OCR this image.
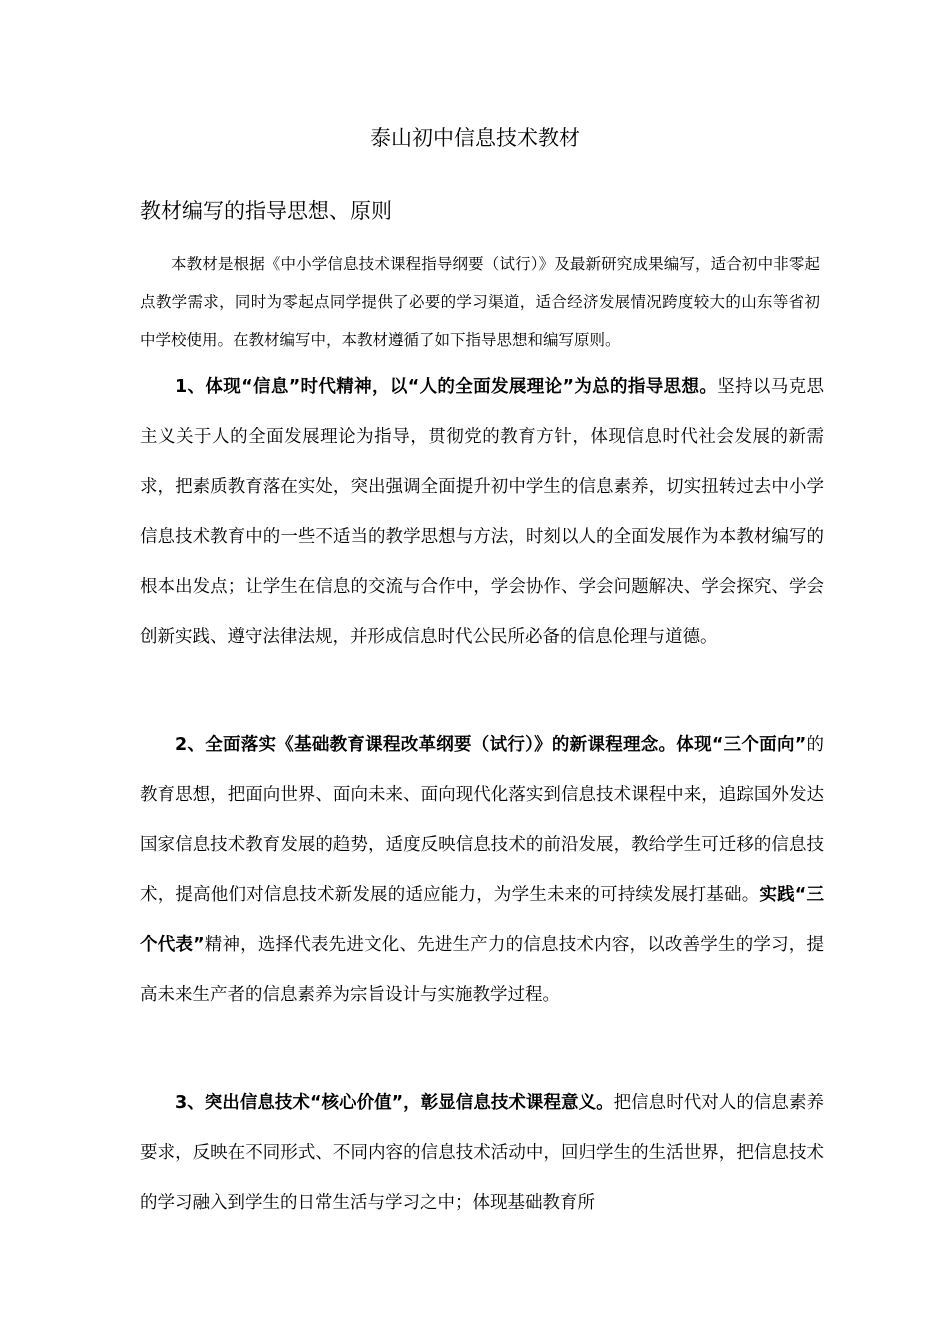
泰山初中信息技术教材
教材编写的指导思想、原则

本教材是根据《中小学信息技术课程指导纲要（试行）》及最新研究成果编写，适合初中非零起点教学需求，同时为零起点同学提供了必要的学习渠道，适合经济发展情况跨度较大的山东等省初中学校使用。在教材编写中，本教材遵循了如下指导思想和编写原则。

1、体现“信息”时代精神，以“人的全面发展理论”为总的指导思想。坚持以马克思主义关于人的全面发展理论为指导，贯彻党的教育方针，体现信息时代社会发展的新需求，把素质教育落在实处，突出强调全面提升初中学生的信息素养，切实扭转过去中小学信息技术教育中的一些不适当的教学思想与方法，时刻以人的全面发展作为本教材编写的根本出发点；让学生在信息的交流与合作中，学会协作、学会问题解决、学会探究、学会创新实践、遵守法律法规，并形成信息时代公民所必备的信息伦理与道德。

2、全面落实《基础教育课程改革纲要（试行）》的新课程理念。体现“三个面向”的教育思想，把面向世界、面向未来、面向现代化落实到信息技术课程中来，追踪国外发达国家信息技术教育发展的趋势，适度反映信息技术的前沿发展，教给学生可迁移的信息技术，提高他们对信息技术新发展的适应能力，为学生未来的可持续发展打基础。实践“三个代表”精神，选择代表先进文化、先进生产力的信息技术内容，以改善学生的学习，提高未来生产者的信息素养为宗旨设计与实施教学过程。

3、突出信息技术“核心价值”，彰显信息技术课程意义。把信息时代对人的信息素养要求，反映在不同形式、不同内容的信息技术活动中，回归学生的生活世界，把信息技术的学习融入到学生的日常生活与学习之中；体现基础教育所
